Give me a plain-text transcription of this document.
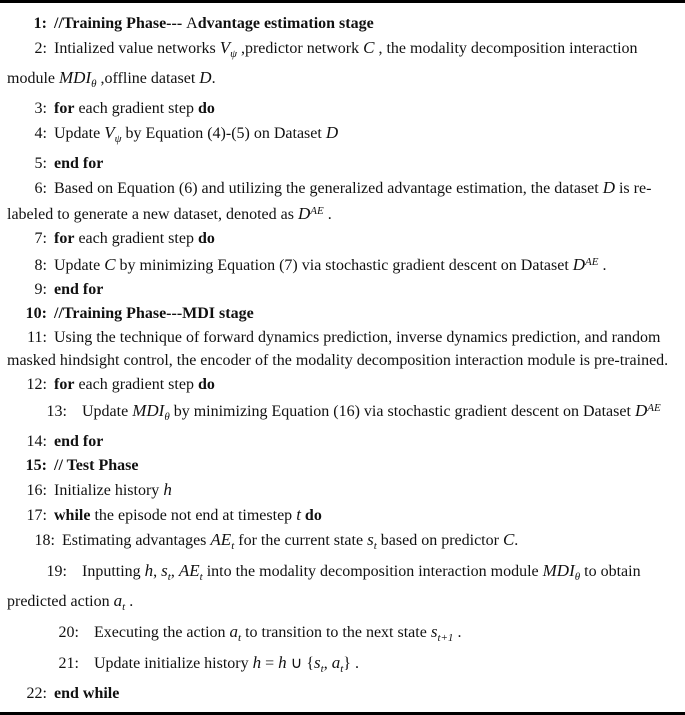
1: //Training Phase--- Advantage estimation stage
2: Intialized value networks $V_\psi$ ,predictor network C , the modality decomposition interaction module $MDI_\theta$ ,offline dataset D.
3: for each gradient step do
4: Update $V_\psi$ by Equation (4)-(5) on Dataset D
5: end for
6: Based on Equation (6) and utilizing the generalized advantage estimation, the dataset D is re-labeled to generate a new dataset, denoted as $D^{AE}$ .
7: for each gradient step do
8: Update C by minimizing Equation (7) via stochastic gradient descent on Dataset $D^{AE}$ .
9: end for
10: //Training Phase---MDI stage
11: Using the technique of forward dynamics prediction, inverse dynamics prediction, and random masked hindsight control, the encoder of the modality decomposition interaction module is pre-trained.
12: for each gradient step do
13:  Update $MDI_\theta$ by minimizing Equation (16) via stochastic gradient descent on Dataset $D^{AE}$
14: end for
15: // Test Phase
16: Initialize history h
17: while the episode not end at timestep t do
18: Estimating advantages $AE_t$ for the current state $s_t$ based on predictor C.
19:  Inputting h, $s_t$, $AE_t$ into the modality decomposition interaction module $MDI_\theta$ to obtain predicted action $a_t$ .
20:  Executing the action $a_t$ to transition to the next state $s_{t+1}$ .
21:  Update initialize history h = h ∪ {$s_t$, $a_t$} .
22: end while
